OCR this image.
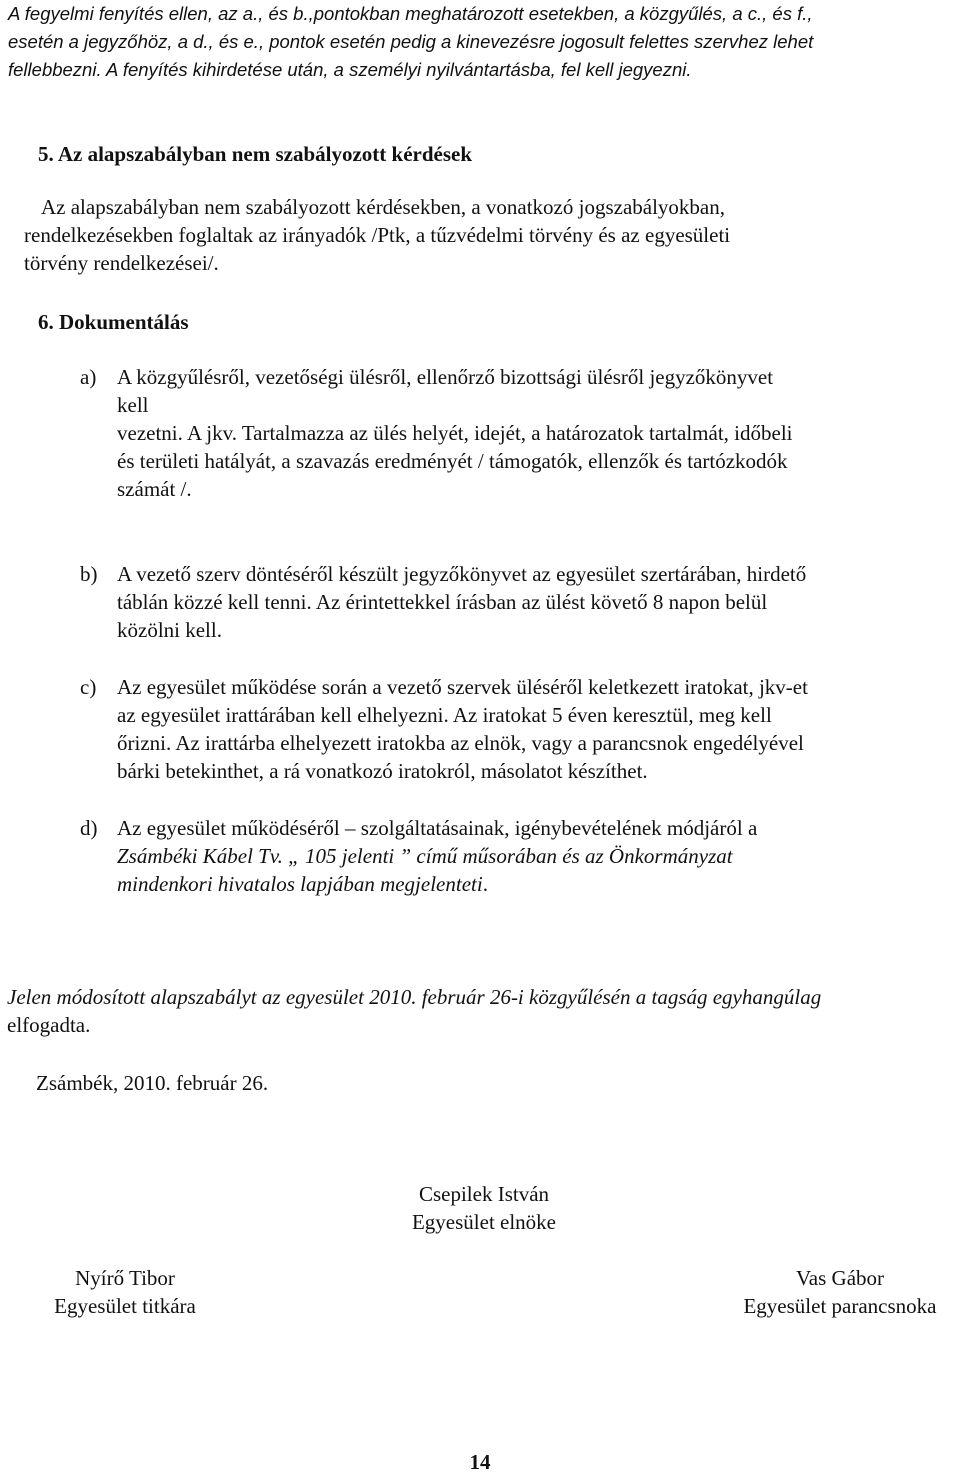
A fegyelmi fenyítés ellen, az a., és b.,pontokban meghatározott esetekben, a közgyűlés, a c., és f.,
esetén a jegyzőhöz, a d., és e., pontok esetén pedig a kinevezésre jogosult felettes szervhez lehet
fellebbezni. A fenyítés kihirdetése után, a személyi nyilvántartásba, fel kell jegyezni.
5. Az alapszabályban nem szabályozott kérdések
Az alapszabályban nem szabályozott kérdésekben, a vonatkozó jogszabályokban,
rendelkezésekben foglaltak az irányadók /Ptk, a tűzvédelmi törvény és az egyesületi
törvény rendelkezései/.
6. Dokumentálás
a) A közgyűlésről, vezetőségi ülésről, ellenőrző bizottsági ülésről jegyzőkönyvet
kell
vezetni. A jkv. Tartalmazza az ülés helyét, idejét, a határozatok tartalmát, időbeli
és területi hatályát, a szavazás eredményét / támogatók, ellenzők és tartózkodók
számát /.
b) A vezető szerv döntéséről készült jegyzőkönyvet az egyesület szertárában, hirdető
táblán közzé kell tenni. Az érintettekkel írásban az ülést követő 8 napon belül
közölni kell.
c) Az egyesület működése során a vezető szervek üléséről keletkezett iratokat, jkv-et
az egyesület irattárában kell elhelyezni. Az iratokat 5 éven keresztül, meg kell
őrizni. Az irattárba elhelyezett iratokba az elnök, vagy a parancsnok engedélyével
bárki betekinthet, a rá vonatkozó iratokról, másolatot készíthet.
d) Az egyesület működéséről – szolgáltatásainak, igénybevételének módjáról a
Zsámbéki Kábel Tv. „ 105 jelenti ” című műsorában és az Önkormányzat
mindenkori hivatalos lapjában megjelenteti.
Jelen módosított alapszabályt az egyesület 2010. február 26-i közgyűlésén a tagság egyhangúlag
elfogadta.
Zsámbék, 2010. február 26.
Csepilek István
Egyesület elnöke
Nyírő Tibor
Egyesület titkára
Vas Gábor
Egyesület parancsnoka
14
